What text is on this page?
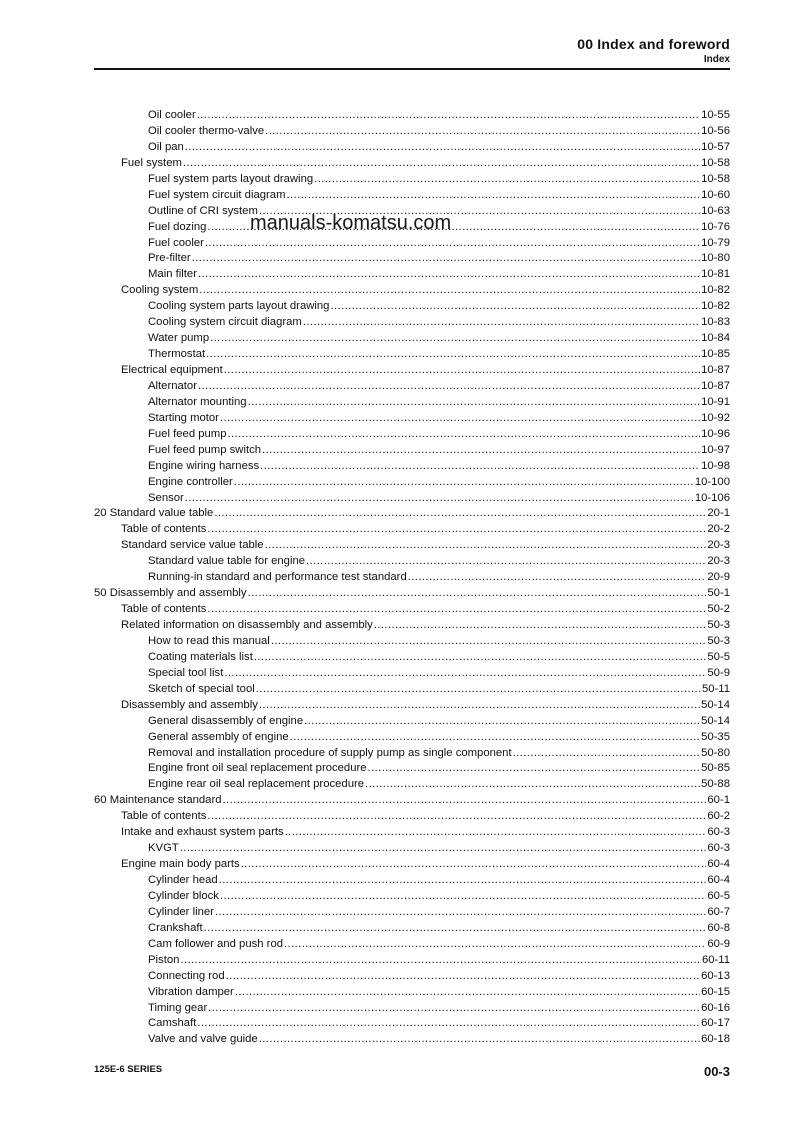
00 Index and foreword
Index
Oil cooler .....	10-55
Oil cooler thermo-valve .....	10-56
Oil pan .....	10-57
Fuel system .....	10-58
Fuel system parts layout drawing .....	10-58
Fuel system circuit diagram .....	10-60
Outline of CRI system .....	10-63
Fuel dozing .....	10-76
Fuel cooler .....	10-79
Pre-filter .....	10-80
Main filter .....	10-81
Cooling system .....	10-82
Cooling system parts layout drawing .....	10-82
Cooling system circuit diagram .....	10-83
Water pump .....	10-84
Thermostat .....	10-85
Electrical equipment .....	10-87
Alternator .....	10-87
Alternator mounting .....	10-91
Starting motor .....	10-92
Fuel feed pump .....	10-96
Fuel feed pump switch .....	10-97
Engine wiring harness .....	10-98
Engine controller .....	10-100
Sensor .....	10-106
20 Standard value table .....	20-1
Table of contents .....	20-2
Standard service value table .....	20-3
Standard value table for engine .....	20-3
Running-in standard and performance test standard .....	20-9
50 Disassembly and assembly .....	50-1
Table of contents .....	50-2
Related information on disassembly and assembly .....	50-3
How to read this manual .....	50-3
Coating materials list .....	50-5
Special tool list .....	50-9
Sketch of special tool .....	50-11
Disassembly and assembly .....	50-14
General disassembly of engine .....	50-14
General assembly of engine .....	50-35
Removal and installation procedure of supply pump as single component .....	50-80
Engine front oil seal replacement procedure .....	50-85
Engine rear oil seal replacement procedure .....	50-88
60 Maintenance standard .....	60-1
Table of contents .....	60-2
Intake and exhaust system parts .....	60-3
KVGT .....	60-3
Engine main body parts .....	60-4
Cylinder head .....	60-4
Cylinder block .....	60-5
Cylinder liner .....	60-7
Crankshaft .....	60-8
Cam follower and push rod .....	60-9
Piston .....	60-11
Connecting rod .....	60-13
Vibration damper .....	60-15
Timing gear .....	60-16
Camshaft .....	60-17
Valve and valve guide .....	60-18
manuals-komatsu.com
125E-6 SERIES	00-3
